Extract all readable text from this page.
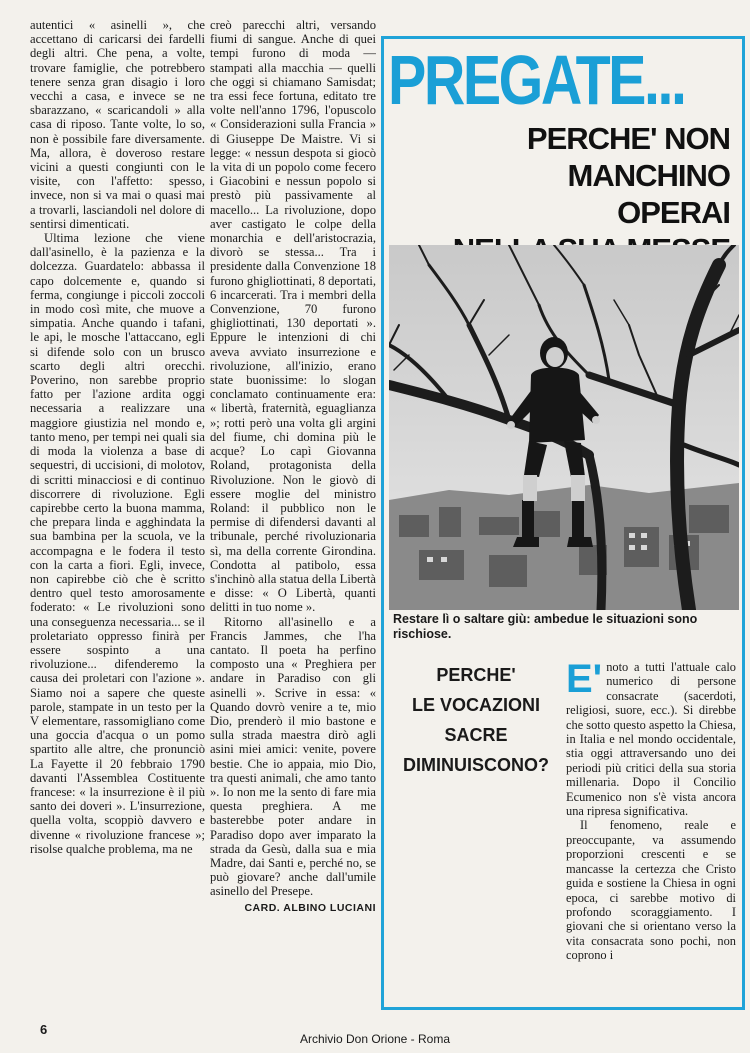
autentici « asinelli », che accettano di caricarsi dei fardelli degli altri. Che pena, a volte, trovare famiglie, che potrebbero tenere senza gran disagio i loro vecchi a casa, e invece se ne sbarazzano, « scaricandoli » alla casa di riposo. Tante volte, lo so, non è possibile fare diversamente. Ma, allora, è doveroso restare vicini a questi congiunti con le visite, con l'affetto: spesso, invece, non si va mai o quasi mai a trovarli, lasciandoli nel dolore di sentirsi dimenticati.

Ultima lezione che viene dall'asinello, è la pazienza e la dolcezza. Guardatelo: abbassa il capo dolcemente e, quando si ferma, congiunge i piccoli zoccoli in modo così mite, che muove a simpatia. Anche quando i tafani, le api, le mosche l'attaccano, egli si difende solo con un brusco scarto degli altri orecchi. Poverino, non sarebbe proprio fatto per l'azione ardita oggi necessaria a realizzare una maggiore giustizia nel mondo e, tanto meno, per tempi nei quali sia di moda la violenza a base di sequestri, di uccisioni, di molotov, di scritti minacciosi e di continuo discorrere di rivoluzione. Egli capirebbe certo la buona mamma, che prepara linda e agghindata la sua bambina per la scuola, ve la accompagna e le fodera il testo con la carta a fiori. Egli, invece, non capirebbe ciò che è scritto dentro quel testo amorosamente foderato: « Le rivoluzioni sono una conseguenza necessaria... se il proletariato oppresso finirà per essere sospinto a una rivoluzione... difenderemo la causa dei proletari con l'azione ». Siamo noi a sapere che queste parole, stampate in un testo per la V elementare, rassomigliano come una goccia d'acqua o un pomo spartito alle altre, che pronunciò La Fayette il 20 febbraio 1790 davanti l'Assemblea Costituente francese: « la insurrezione è il più santo dei doveri ». L'insurrezione, quella volta, scoppiò davvero e divenne « rivoluzione francese »; risolse qualche problema, ma ne

creò parecchi altri, versando fiumi di sangue. Anche di quei tempi furono di moda — stampati alla macchia — quelli che oggi si chiamano Samisdat; tra essi fece fortuna, editato tre volte nell'anno 1796, l'opuscolo « Considerazioni sulla Francia » di Giuseppe De Maistre. Vi si legge: « nessun despota si giocò la vita di un popolo come fecero i Giacobini e nessun popolo si prestò più passivamente al macello... La rivoluzione, dopo aver castigato le colpe della monarchia e dell'aristocrazia, divorò se stessa... Tra i presidente dalla Convenzione 18 furono ghigliottinati, 8 deportati, 6 incarcerati. Tra i membri della Convenzione, 70 furono ghigliottinati, 130 deportati ». Eppure le intenzioni di chi aveva avviato insurrezione e rivoluzione, all'inizio, erano state buonissime: lo slogan conclamato continuamente era: « libertà, fraternità, eguaglianza »; rotti però una volta gli argini del fiume, chi domina più le acque? Lo capì Giovanna Roland, protagonista della Rivoluzione. Non le giovò di essere moglie del ministro Roland: il pubblico non le permise di difendersi davanti al tribunale, perché rivoluzionaria sì, ma della corrente Girondina. Condotta al patibolo, essa s'inchinò alla statua della Libertà e disse: « O Libertà, quanti delitti in tuo nome ».

Ritorno all'asinello e a Francis Jammes, che l'ha cantato. Il poeta ha perfino composto una « Preghiera per andare in Paradiso con gli asinelli ». Scrive in essa: « Quando dovrò venire a te, mio Dio, prenderò il mio bastone e sulla strada maestra dirò agli asini miei amici: venite, povere bestie. Che io appaia, mio Dio, tra questi animali, che amo tanto ». Io non me la sento di fare mia questa preghiera. A me basterebbe poter andare in Paradiso dopo aver imparato la strada da Gesù, dalla sua e mia Madre, dai Santi e, perché no, se può giovare? anche dall'umile asinello del Presepe.

CARD. ALBINO LUCIANI
PREGATE...
PERCHE' NON MANCHINO
OPERAI
Restare lì o saltare giù: ambedue le situazioni sono rischiose.
PERCHE'
LE VOCAZIONI
SACRE
DIMINUISCONO?

E' noto a tutti l'attuale calo numerico di persone consacrate (sacerdoti, religiosi, suore, ecc.). Si direbbe che sotto questo aspetto la Chiesa, in Italia e nel mondo occidentale, stia oggi attraversando uno dei periodi più critici della sua storia millenaria. Dopo il Concilio Ecumenico non s'è vista ancora una ripresa significativa.

Il fenomeno, reale e preoccupante, va assumendo proporzioni crescenti e se mancasse la certezza che Cristo guida e sostiene la Chiesa in ogni epoca, ci sarebbe motivo di profondo scoraggiamento. I giovani che si orientano verso la vita consacrata sono pochi, non coprono i

6
Archivio Don Orione - Roma
